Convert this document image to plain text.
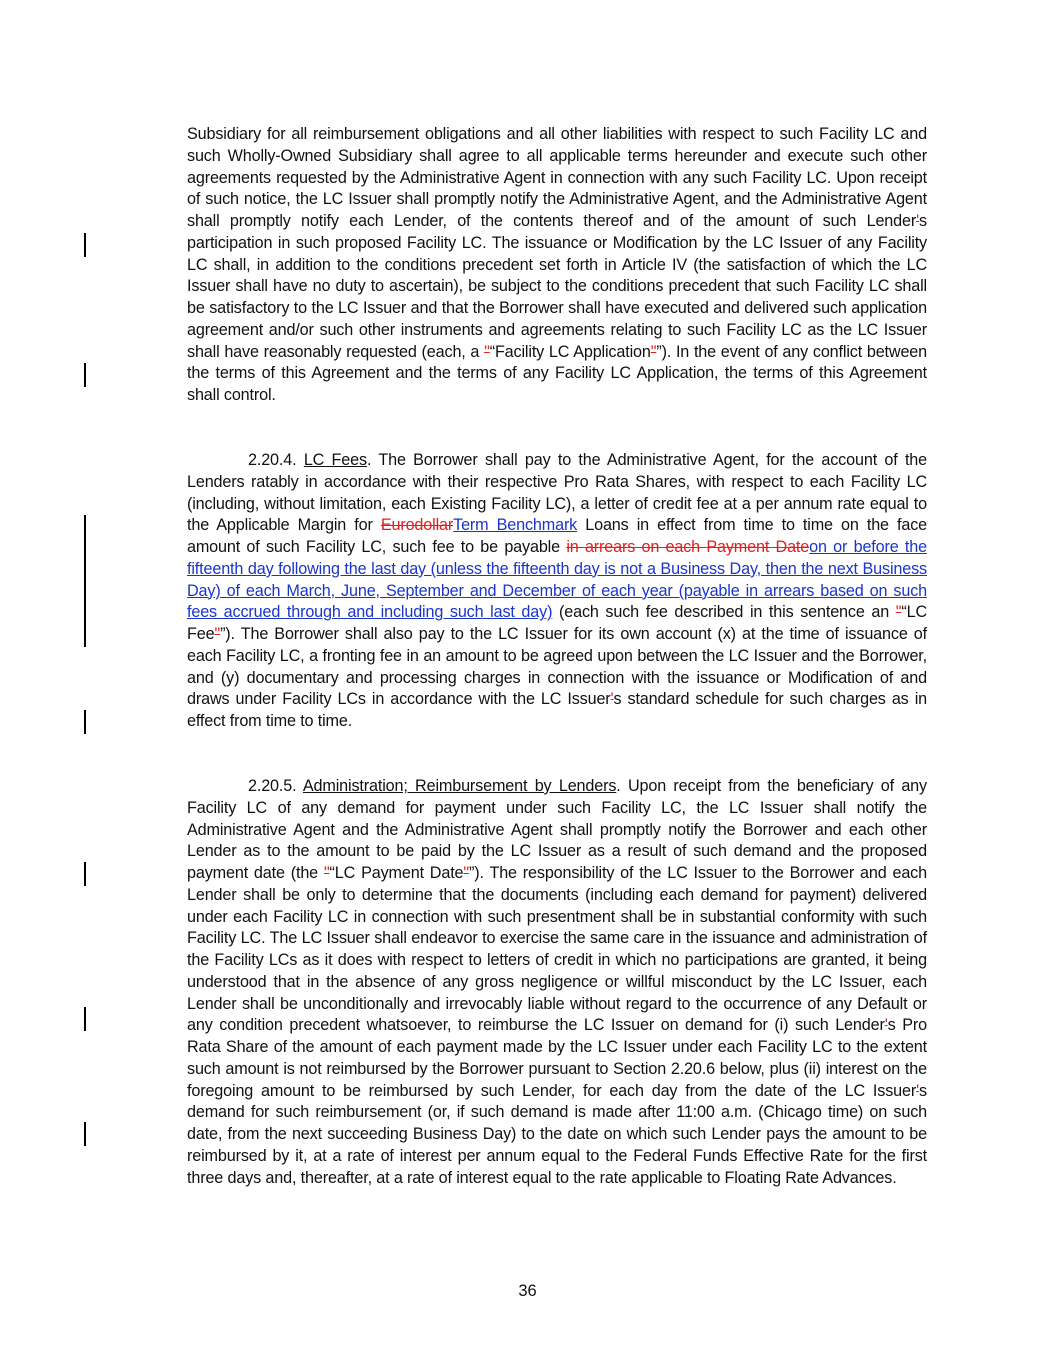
Subsidiary for all reimbursement obligations and all other liabilities with respect to such Facility LC and such Wholly-Owned Subsidiary shall agree to all applicable terms hereunder and execute such other agreements requested by the Administrative Agent in connection with any such Facility LC. Upon receipt of such notice, the LC Issuer shall promptly notify the Administrative Agent, and the Administrative Agent shall promptly notify each Lender, of the contents thereof and of the amount of such Lender's participation in such proposed Facility LC. The issuance or Modification by the LC Issuer of any Facility LC shall, in addition to the conditions precedent set forth in Article IV (the satisfaction of which the LC Issuer shall have no duty to ascertain), be subject to the conditions precedent that such Facility LC shall be satisfactory to the LC Issuer and that the Borrower shall have executed and delivered such application agreement and/or such other instruments and agreements relating to such Facility LC as the LC Issuer shall have reasonably requested (each, a "“Facility LC Application"”). In the event of any conflict between the terms of this Agreement and the terms of any Facility LC Application, the terms of this Agreement shall control.

2.20.4. LC Fees. The Borrower shall pay to the Administrative Agent, for the account of the Lenders ratably in accordance with their respective Pro Rata Shares, with respect to each Facility LC (including, without limitation, each Existing Facility LC), a letter of credit fee at a per annum rate equal to the Applicable Margin for EurodollarTerm Benchmark Loans in effect from time to time on the face amount of such Facility LC, such fee to be payable in arrears on each Payment Dateon or before the fifteenth day following the last day (unless the fifteenth day is not a Business Day, then the next Business Day) of each March, June, September and December of each year (payable in arrears based on such fees accrued through and including such last day) (each such fee described in this sentence an "“LC Fee"”). The Borrower shall also pay to the LC Issuer for its own account (x) at the time of issuance of each Facility LC, a fronting fee in an amount to be agreed upon between the LC Issuer and the Borrower, and (y) documentary and processing charges in connection with the issuance or Modification of and draws under Facility LCs in accordance with the LC Issuer's standard schedule for such charges as in effect from time to time.

2.20.5. Administration; Reimbursement by Lenders. Upon receipt from the beneficiary of any Facility LC of any demand for payment under such Facility LC, the LC Issuer shall notify the Administrative Agent and the Administrative Agent shall promptly notify the Borrower and each other Lender as to the amount to be paid by the LC Issuer as a result of such demand and the proposed payment date (the "“LC Payment Date"”). The responsibility of the LC Issuer to the Borrower and each Lender shall be only to determine that the documents (including each demand for payment) delivered under each Facility LC in connection with such presentment shall be in substantial conformity with such Facility LC. The LC Issuer shall endeavor to exercise the same care in the issuance and administration of the Facility LCs as it does with respect to letters of credit in which no participations are granted, it being understood that in the absence of any gross negligence or willful misconduct by the LC Issuer, each Lender shall be unconditionally and irrevocably liable without regard to the occurrence of any Default or any condition precedent whatsoever, to reimburse the LC Issuer on demand for (i) such Lender's Pro Rata Share of the amount of each payment made by the LC Issuer under each Facility LC to the extent such amount is not reimbursed by the Borrower pursuant to Section 2.20.6 below, plus (ii) interest on the foregoing amount to be reimbursed by such Lender, for each day from the date of the LC Issuer's demand for such reimbursement (or, if such demand is made after 11:00 a.m. (Chicago time) on such date, from the next succeeding Business Day) to the date on which such Lender pays the amount to be reimbursed by it, at a rate of interest per annum equal to the Federal Funds Effective Rate for the first three days and, thereafter, at a rate of interest equal to the rate applicable to Floating Rate Advances.

36
